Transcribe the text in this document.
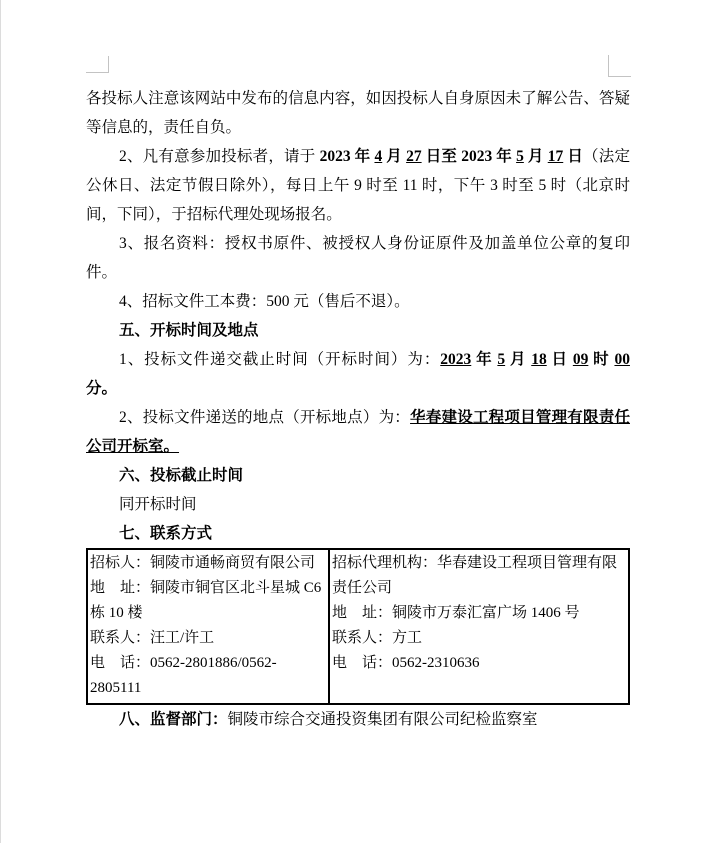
各投标人注意该网站中发布的信息内容，如因投标人自身原因未了解公告、答疑等信息的，责任自负。

2、凡有意参加投标者，请于 2023 年 4 月 27 日至 2023 年 5 月 17 日（法定公休日、法定节假日除外），每日上午 9 时至 11 时，下午 3 时至 5 时（北京时间，下同），于招标代理处现场报名。

3、报名资料：授权书原件、被授权人身份证原件及加盖单位公章的复印件。

4、招标文件工本费：500 元（售后不退）。

五、开标时间及地点

1、投标文件递交截止时间（开标时间）为：2023 年 5 月 18 日 09 时 00 分。

2、投标文件递送的地点（开标地点）为：华春建设工程项目管理有限责任公司开标室。

六、投标截止时间

同开标时间

七、联系方式

招标人：铜陵市通畅商贸有限公司
地　址：铜陵市铜官区北斗星城 C6 栋 10 楼
联系人：汪工/许工
电　话：0562-2801886/0562-2805111

招标代理机构：华春建设工程项目管理有限责任公司
地　址：铜陵市万泰汇富广场 1406 号
联系人：方工
电　话：0562-2310636

八、监督部门：铜陵市综合交通投资集团有限公司纪检监察室
